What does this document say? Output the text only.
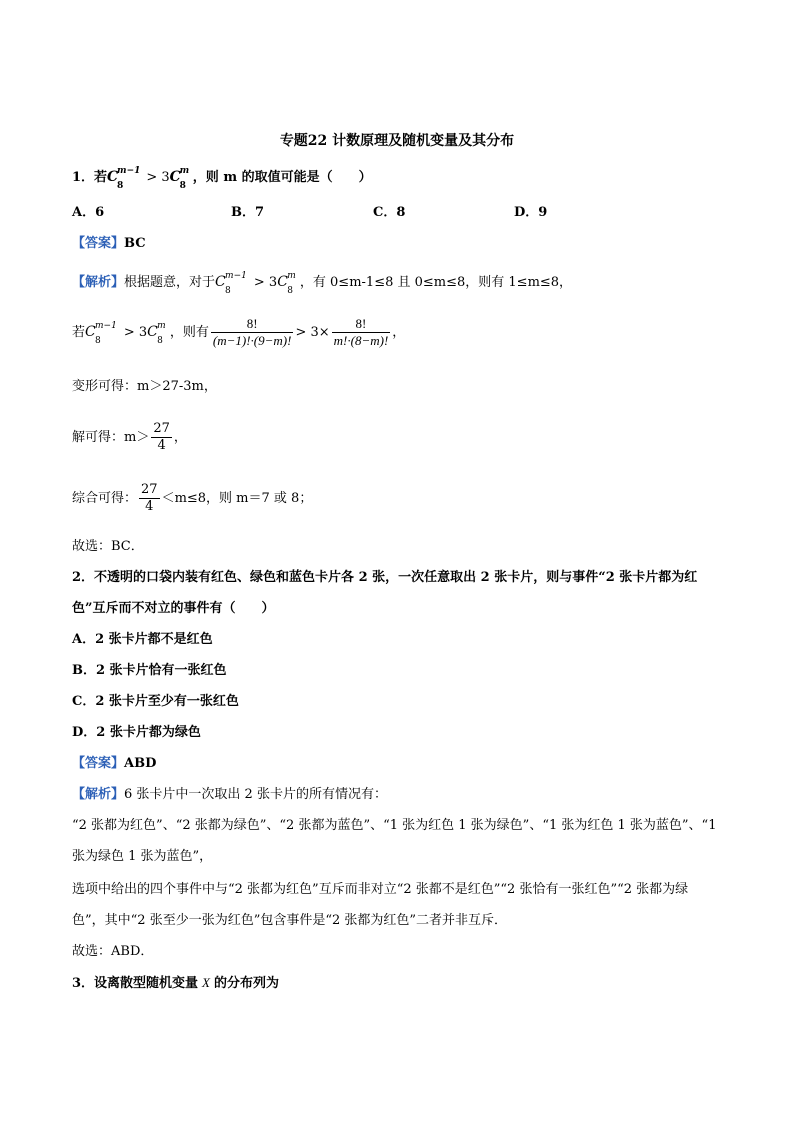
专题22 计数原理及随机变量及其分布
1．若C
m−1
8
> 3C
m
8
，则 m 的取值可能是（　　）
A．6	B．7	C．8	D．9
【答案】BC
【解析】根据题意，对于C m−1
8
> 3C m
8
，有 0≤m-1≤8 且 0≤m≤8，则有 1≤m≤8，
若C m−1
8
> 3C m
8
，则有 $\frac{8!}{(m-1)!\cdot(9-m)!} > 3\times \frac{8!}{m!\cdot(8-m)!}$ ，
变形可得：m＞27-3m，
解可得：$m> \frac{27}{4}$ ，
综合可得： $\frac{27}{4} <m\le 8$，则 m＝7 或 8；
故选：BC．
2．不透明的口袋内装有红色、绿色和蓝色卡片各 2 张，一次任意取出 2 张卡片，则与事件“2 张卡片都为红
色”互斥而不对立的事件有（　　）
A．2 张卡片都不是红色
B．2 张卡片恰有一张红色
C．2 张卡片至少有一张红色
D．2 张卡片都为绿色
【答案】ABD
【解析】6 张卡片中一次取出 2 张卡片的所有情况有：
“2 张都为红色”、“2 张都为绿色”、“2 张都为蓝色”、“1 张为红色 1 张为绿色”、“1 张为红色 1 张为蓝色”、“1
张为绿色 1 张为蓝色”，
选项中给出的四个事件中与“2 张都为红色”互斥而非对立“2 张都不是红色”“2 张恰有一张红色”“2 张都为绿
色”，其中“2 张至少一张为红色”包含事件是“2 张都为红色”二者并非互斥．
故选：ABD．
3．设离散型随机变量 X 的分布列为
